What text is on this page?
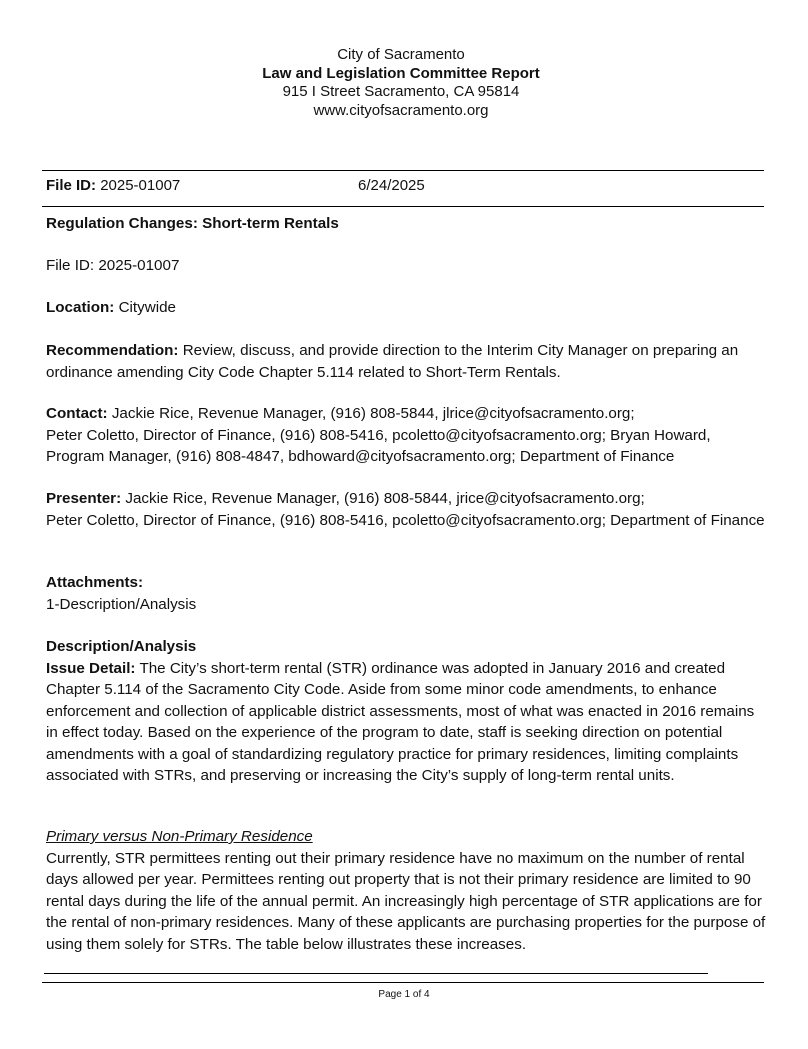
City of Sacramento
Law and Legislation Committee Report
915 I Street Sacramento, CA 95814
www.cityofsacramento.org
File ID: 2025-01007	6/24/2025
Regulation Changes: Short-term Rentals
File ID: 2025-01007
Location: Citywide
Recommendation: Review, discuss, and provide direction to the Interim City Manager on preparing an ordinance amending City Code Chapter 5.114 related to Short-Term Rentals.
Contact: Jackie Rice, Revenue Manager, (916) 808-5844, jlrice@cityofsacramento.org;
Peter Coletto, Director of Finance, (916) 808-5416, pcoletto@cityofsacramento.org; Bryan Howard, Program Manager, (916) 808-4847, bdhoward@cityofsacramento.org; Department of Finance
Presenter: Jackie Rice, Revenue Manager, (916) 808-5844, jrice@cityofsacramento.org;
Peter Coletto, Director of Finance, (916) 808-5416, pcoletto@cityofsacramento.org; Department of Finance
Attachments:
1-Description/Analysis
Description/Analysis
Issue Detail: The City’s short-term rental (STR) ordinance was adopted in January 2016 and created Chapter 5.114 of the Sacramento City Code. Aside from some minor code amendments, to enhance enforcement and collection of applicable district assessments, most of what was enacted in 2016 remains in effect today. Based on the experience of the program to date, staff is seeking direction on potential amendments with a goal of standardizing regulatory practice for primary residences, limiting complaints associated with STRs, and preserving or increasing the City’s supply of long-term rental units.
Primary versus Non-Primary Residence
Currently, STR permittees renting out their primary residence have no maximum on the number of rental days allowed per year. Permittees renting out property that is not their primary residence are limited to 90 rental days during the life of the annual permit. An increasingly high percentage of STR applications are for the rental of non-primary residences. Many of these applicants are purchasing properties for the purpose of using them solely for STRs. The table below illustrates these increases.
Page 1 of 4
